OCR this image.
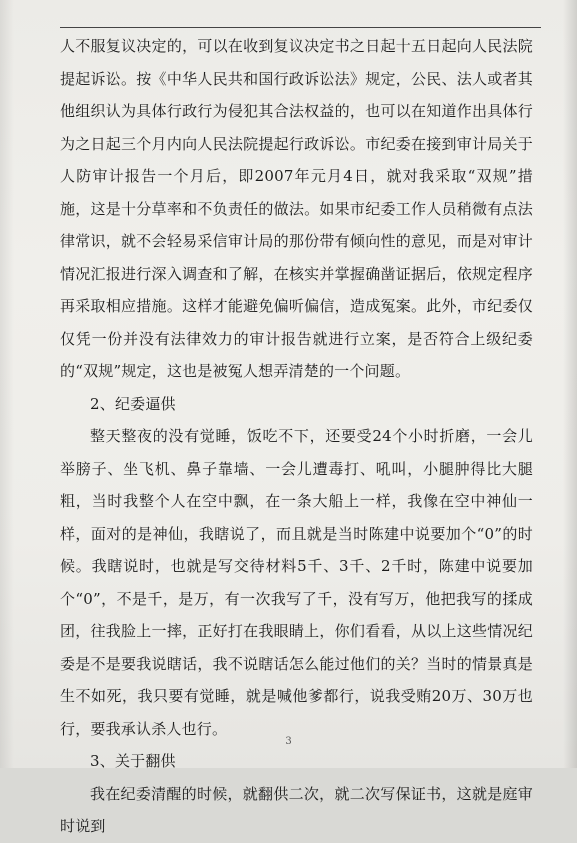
人不服复议决定的，可以在收到复议决定书之日起十五日起向人民法院提起诉讼。按《中华人民共和国行政诉讼法》规定，公民、法人或者其他组织认为具体行政行为侵犯其合法权益的，也可以在知道作出具体行为之日起三个月内向人民法院提起行政诉讼。市纪委在接到审计局关于人防审计报告一个月后，即2007年元月4日，就对我采取“双规”措施，这是十分草率和不负责任的做法。如果市纪委工作人员稍微有点法律常识，就不会轻易采信审计局的那份带有倾向性的意见，而是对审计情况汇报进行深入调查和了解，在核实并掌握确凿证据后，依规定程序再采取相应措施。这样才能避免偏听偏信，造成冤案。此外，市纪委仅仅凭一份并没有法律效力的审计报告就进行立案，是否符合上级纪委的“双规”规定，这也是被冤人想弄清楚的一个问题。

2、纪委逼供

整天整夜的没有觉睡，饭吃不下，还要受24个小时折磨，一会儿举膀子、坐飞机、鼻子靠墙、一会儿遭毒打、吼叫，小腿肿得比大腿粗，当时我整个人在空中飘，在一条大船上一样，我像在空中神仙一样，面对的是神仙，我瞎说了，而且就是当时陈建中说要加个“0”的时候。我瞎说时，也就是写交待材料5千、3千、2千时，陈建中说要加个“0”，不是千，是万，有一次我写了千，没有写万，他把我写的揉成团，往我脸上一摔，正好打在我眼睛上，你们看看，从以上这些情况纪委是不是要我说瞎话，我不说瞎话怎么能过他们的关？当时的情景真是生不如死，我只要有觉睡，就是喊他爹都行，说我受贿20万、30万也行，要我承认杀人也行。

3、关于翻供

我在纪委清醒的时候，就翻供二次，就二次写保证书，这就是庭审时说到

3
